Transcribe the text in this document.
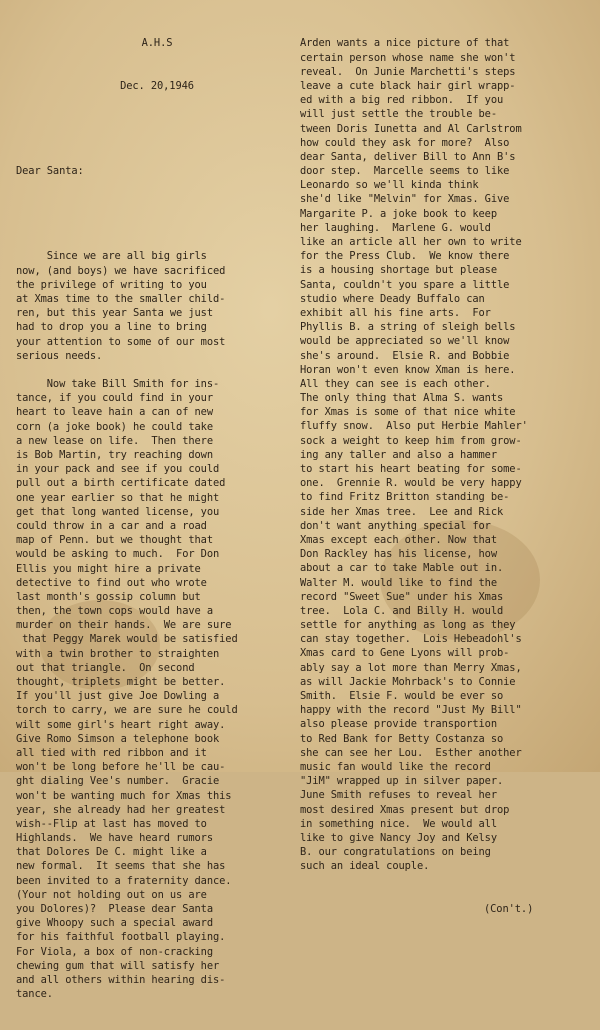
A.H.S

Dec. 20,1946

Dear Santa:

Since we are all big girls
now, (and boys) we have sacrificed
the privilege of writing to you
at Xmas time to the smaller child-
ren, but this year Santa we just
had to drop you a line to bring
your attention to some of our most
serious needs.
Now take Bill Smith for ins-
tance, if you could find in your
heart to leave hain a can of new
corn (a joke book) he could take
a new lease on life.  Then there
is Bob Martin, try reaching down
in your pack and see if you could
pull out a birth certificate dated
one year earlier so that he might
get that long wanted license, you
could throw in a car and a road
map of Penn. but we thought that
would be asking to much.  For Don
Ellis you might hire a private
detective to find out who wrote
last month's gossip column but
then, the town cops would have a
murder on their hands.  We are sure
that Peggy Marek would be satisfied
with a twin brother to straighten
out that triangle.  On second
thought, triplets might be better.
If you'll just give Joe Dowling a
torch to carry, we are sure he could
wilt some girl's heart right away.
Give Romo Simson a telephone book
all tied with red ribbon and it
won't be long before he'll be cau-
ght dialing Vee's number.  Gracie
won't be wanting much for Xmas this
year, she already had her greatest
wish--Flip at last has moved to
Highlands.  We have heard rumors
that Dolores De C. might like a
new formal.  It seems that she has
been invited to a fraternity dance.
(Your not holding out on us are
you Dolores)?  Please dear Santa
give Whoopy such a special award
for his faithful football playing.
For Viola, a box of non-cracking
chewing gum that will satisfy her
and all others within hearing dis-
tance.

Arden wants a nice picture of that
certain person whose name she won't
reveal.  On Junie Marchetti's steps
leave a cute black hair girl wrapp-
ed with a big red ribbon.  If you
will just settle the trouble be-
tween Doris Iunetta and Al Carlstrom
how could they ask for more?  Also
dear Santa, deliver Bill to Ann B's
door step.  Marcelle seems to like
Leonardo so we'll kinda think
she'd like "Melvin" for Xmas. Give
Margarite P. a joke book to keep
her laughing.  Marlene G. would
like an article all her own to write
for the Press Club.  We know there
is a housing shortage but please
Santa, couldn't you spare a little
studio where Deady Buffalo can
exhibit all his fine arts.  For
Phyllis B. a string of sleigh bells
would be appreciated so we'll know
she's around.  Elsie R. and Bobbie
Horan won't even know Xman is here.
All they can see is each other.
The only thing that Alma S. wants
for Xmas is some of that nice white
fluffy snow.  Also put Herbie Mahler'
sock a weight to keep him from grow-
ing any taller and also a hammer
to start his heart beating for some-
one.  Grennie R. would be very happy
to find Fritz Britton standing be-
side her Xmas tree.  Lee and Rick
don't want anything special for
Xmas except each other. Now that
Don Rackley has his license, how
about a car to take Mable out in.
Walter M. would like to find the
record "Sweet Sue" under his Xmas
tree.  Lola C. and Billy H. would
settle for anything as long as they
can stay together.  Lois Hebeadohl's
Xmas card to Gene Lyons will prob-
ably say a lot more than Merry Xmas,
as will Jackie Mohrback's to Connie
Smith.  Elsie F. would be ever so
happy with the record "Just My Bill"
also please provide transportion
to Red Bank for Betty Costanza so
she can see her Lou.  Esther another
music fan would like the record
"JiM" wrapped up in silver paper.
June Smith refuses to reveal her
most desired Xmas present but drop
in something nice.  We would all
like to give Nancy Joy and Kelsy
B. our congratulations on being
such an ideal couple.

(Con't.)
